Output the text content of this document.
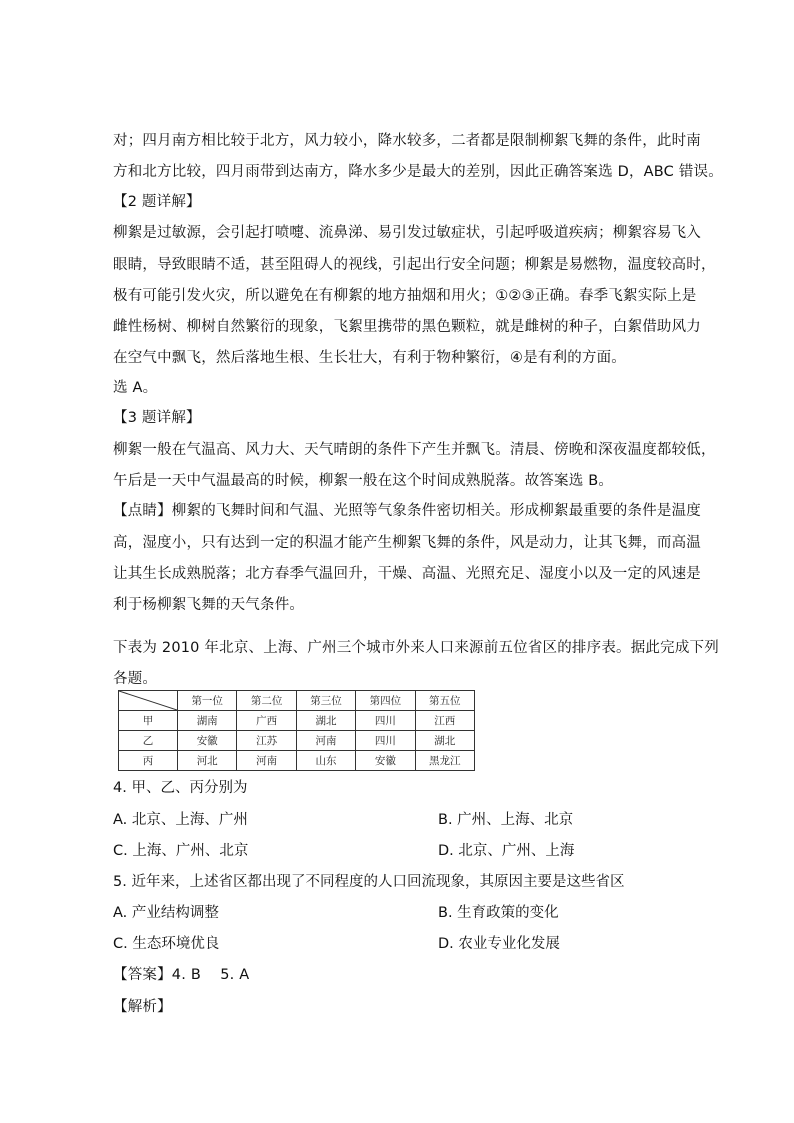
对；四月南方相比较于北方，风力较小，降水较多，二者都是限制柳絮飞舞的条件，此时南
方和北方比较，四月雨带到达南方，降水多少是最大的差别，因此正确答案选 D，ABC 错误。
【2 题详解】
柳絮是过敏源，会引起打喷嚏、流鼻涕、易引发过敏症状，引起呼吸道疾病；柳絮容易飞入
眼睛，导致眼睛不适，甚至阻碍人的视线，引起出行安全问题；柳絮是易燃物，温度较高时，
极有可能引发火灾，所以避免在有柳絮的地方抽烟和用火；①②③正确。春季飞絮实际上是
雌性杨树、柳树自然繁衍的现象，飞絮里携带的黑色颗粒，就是雌树的种子，白絮借助风力
在空气中飘飞，然后落地生根、生长壮大，有利于物种繁衍，④是有利的方面。
选 A。
【3 题详解】
柳絮一般在气温高、风力大、天气晴朗的条件下产生并飘飞。清晨、傍晚和深夜温度都较低，
午后是一天中气温最高的时候，柳絮一般在这个时间成熟脱落。故答案选 B。
【点睛】柳絮的飞舞时间和气温、光照等气象条件密切相关。形成柳絮最重要的条件是温度
高，湿度小，只有达到一定的积温才能产生柳絮飞舞的条件，风是动力，让其飞舞，而高温
让其生长成熟脱落；北方春季气温回升，干燥、高温、光照充足、湿度小以及一定的风速是
利于杨柳絮飞舞的天气条件。
下表为 2010 年北京、上海、广州三个城市外来人口来源前五位省区的排序表。据此完成下列
各题。
	第一位	第二位	第三位	第四位	第五位
甲	湖南	广西	湖北	四川	江西
乙	安徽	江苏	河南	四川	湖北
丙	河北	河南	山东	安徽	黑龙江
4. 甲、乙、丙分别为
A. 北京、上海、广州	B. 广州、上海、北京
C. 上海、广州、北京	D. 北京、广州、上海
5. 近年来，上述省区都出现了不同程度的人口回流现象，其原因主要是这些省区
A. 产业结构调整	B. 生育政策的变化
C. 生态环境优良	D. 农业专业化发展
【答案】4. B    5. A
【解析】
